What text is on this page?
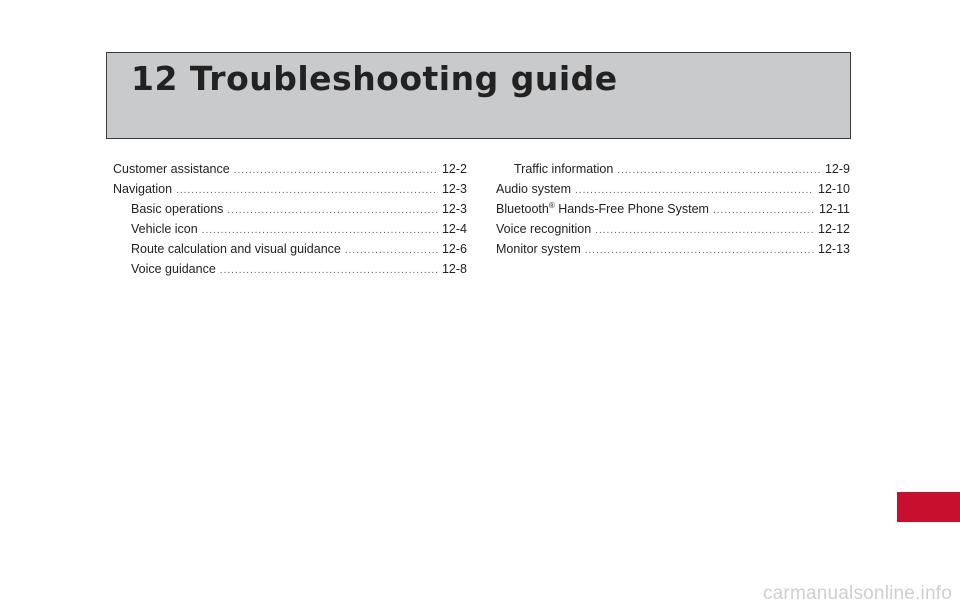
12 Troubleshooting guide
Customer assistance .....	12-2
Navigation .....	12-3
Basic operations .....	12-3
Vehicle icon .....	12-4
Route calculation and visual guidance .....	12-6
Voice guidance .....	12-8
Traffic information .....	12-9
Audio system .....	12-10
Bluetooth® Hands-Free Phone System .....	12-11
Voice recognition .....	12-12
Monitor system .....	12-13
carmanualsonline.info
